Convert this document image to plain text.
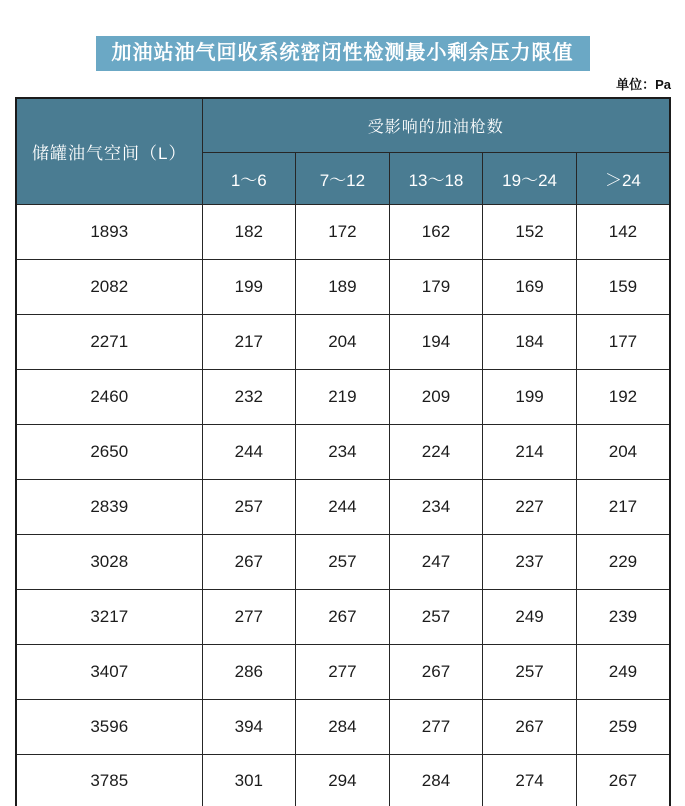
加油站油气回收系统密闭性检测最小剩余压力限值
单位：Pa
储罐油气空间（L）	受影响的加油枪数				
	1～6	7～12	13～18	19～24	＞24
1893	182	172	162	152	142
2082	199	189	179	169	159
2271	217	204	194	184	177
2460	232	219	209	199	192
2650	244	234	224	214	204
2839	257	244	234	227	217
3028	267	257	247	237	229
3217	277	267	257	249	239
3407	286	277	267	257	249
3596	394	284	277	267	259
3785	301	294	284	274	267
